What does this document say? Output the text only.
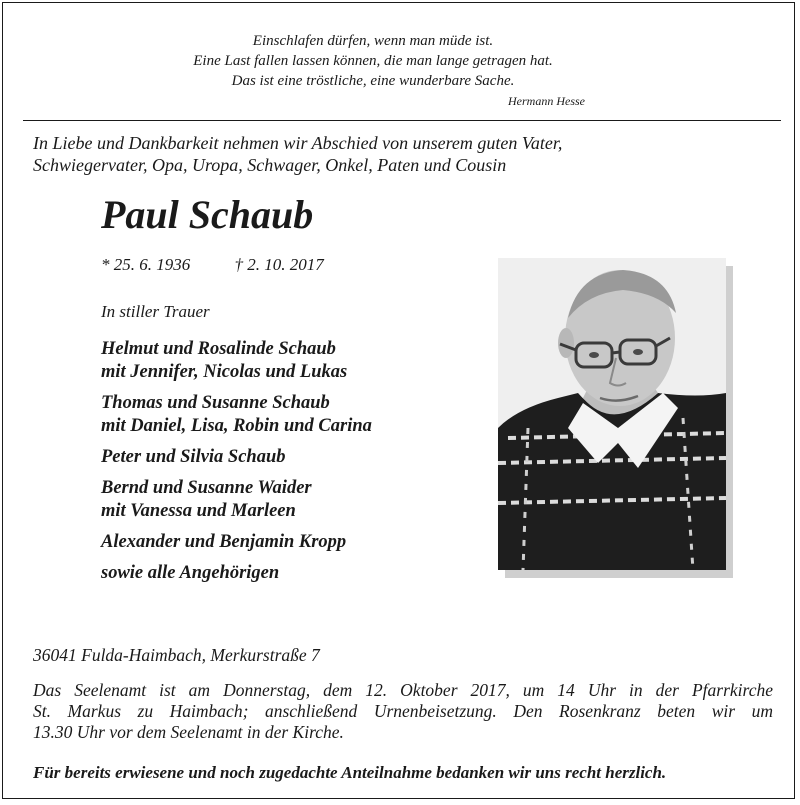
Einschlafen dürfen, wenn man müde ist.
Eine Last fallen lassen können, die man lange getragen hat.
Das ist eine tröstliche, eine wunderbare Sache.
Hermann Hesse
In Liebe und Dankbarkeit nehmen wir Abschied von unserem guten Vater,
Schwiegervater, Opa, Uropa, Schwager, Onkel, Paten und Cousin
Paul Schaub
* 25. 6. 1936	† 2. 10. 2017
In stiller Trauer
Helmut und Rosalinde Schaub
mit Jennifer, Nicolas und Lukas
Thomas und Susanne Schaub
mit Daniel, Lisa, Robin und Carina
Peter und Silvia Schaub
Bernd und Susanne Waider
mit Vanessa und Marleen
Alexander und Benjamin Kropp
sowie alle Angehörigen
36041 Fulda-Haimbach, Merkurstraße 7
Das Seelenamt ist am Donnerstag, dem 12. Oktober 2017, um 14 Uhr in der Pfarrkirche
St. Markus zu Haimbach; anschließend Urnenbeisetzung. Den Rosenkranz beten wir um
13.30 Uhr vor dem Seelenamt in der Kirche.
Für bereits erwiesene und noch zugedachte Anteilnahme bedanken wir uns recht herzlich.
